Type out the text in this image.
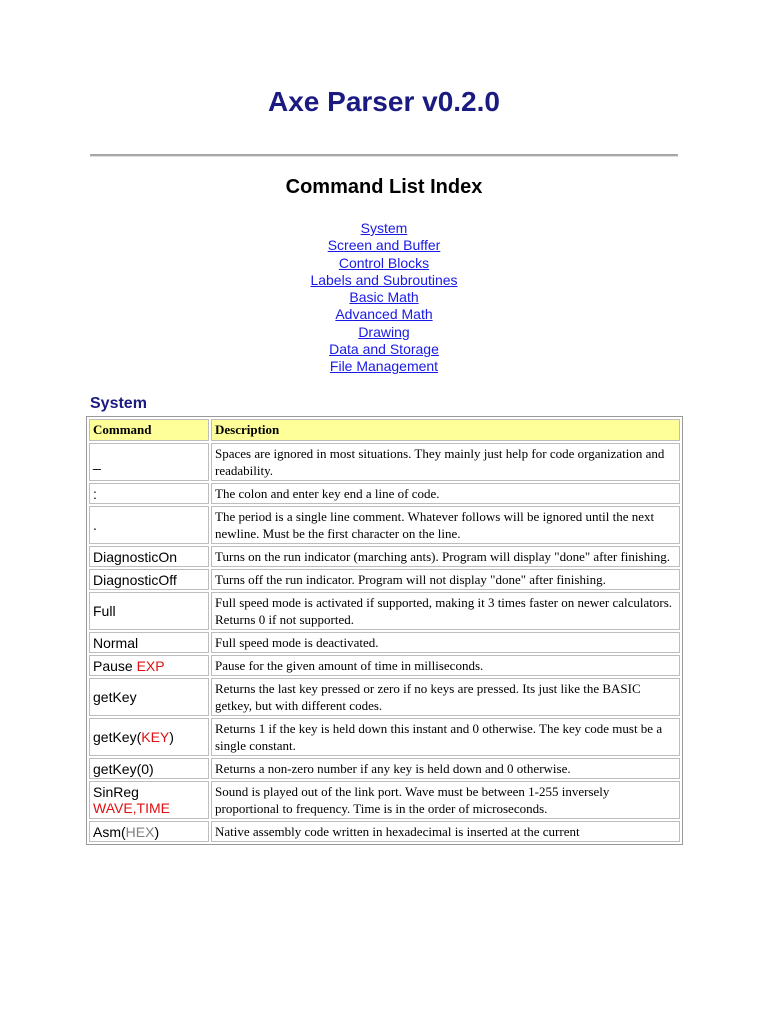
Axe Parser v0.2.0
Command List Index
System
Screen and Buffer
Control Blocks
Labels and Subroutines
Basic Math
Advanced Math
Drawing
Data and Storage
File Management
System
Command	Description
_	Spaces are ignored in most situations. They mainly just help for code organization and readability.
:	The colon and enter key end a line of code.
.	The period is a single line comment. Whatever follows will be ignored until the next newline. Must be the first character on the line.
DiagnosticOn	Turns on the run indicator (marching ants). Program will display "done" after finishing.
DiagnosticOff	Turns off the run indicator. Program will not display "done" after finishing.
Full	Full speed mode is activated if supported, making it 3 times faster on newer calculators. Returns 0 if not supported.
Normal	Full speed mode is deactivated.
Pause EXP	Pause for the given amount of time in milliseconds.
getKey	Returns the last key pressed or zero if no keys are pressed. Its just like the BASIC getkey, but with different codes.
getKey(KEY)	Returns 1 if the key is held down this instant and 0 otherwise. The key code must be a single constant.
getKey(0)	Returns a non-zero number if any key is held down and 0 otherwise.
SinReg
WAVE,TIME	Sound is played out of the link port. Wave must be between 1-255 inversely proportional to frequency. Time is in the order of microseconds.
Asm(HEX)	Native assembly code written in hexadecimal is inserted at the current
